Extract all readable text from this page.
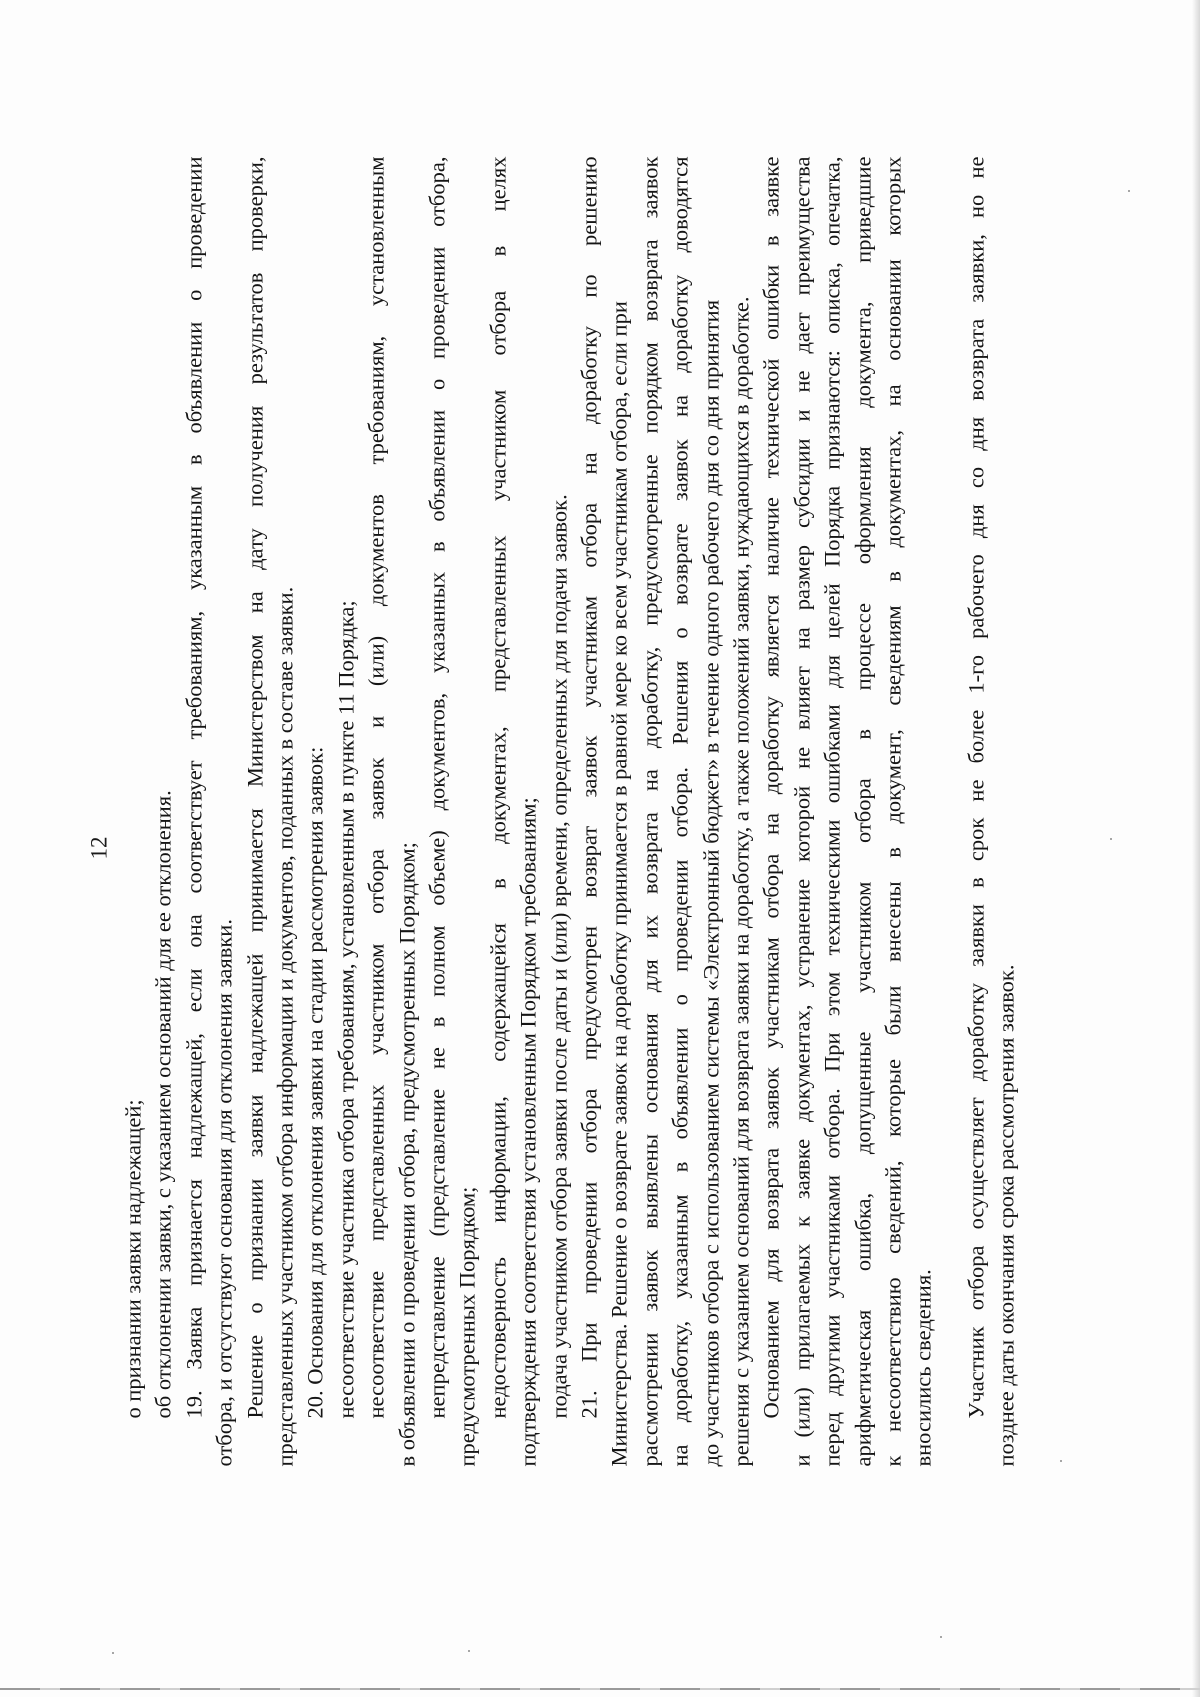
12
о признании заявки надлежащей; об отклонении заявки, с указанием оснований для ее отклонения. 19. Заявка признается надлежащей, если она соответствует требованиям, указанным в объявлении о проведении отбора, и отсутствуют основания для отклонения заявки. Решение о признании заявки надлежащей принимается Министерством на дату получения результатов проверки, представленных участником отбора информации и документов, поданных в составе заявки. 20. Основания для отклонения заявки на стадии рассмотрения заявок: несоответствие участника отбора требованиям, установленным в пункте 11 Порядка; несоответствие представленных участником отбора заявок и (или) документов требованиям, установленным в объявлении о проведении отбора, предусмотренных Порядком; непредставление (представление не в полном объеме) документов, указанных в объявлении о проведении отбора, предусмотренных Порядком; недостоверность информации, содержащейся в документах, представленных участником отбора в целях подтверждения соответствия установленным Порядком требованиям; подача участником отбора заявки после даты и (или) времени, определенных для подачи заявок. 21. При проведении отбора предусмотрен возврат заявок участникам отбора на доработку по решению Министерства. Решение о возврате заявок на доработку принимается в равной мере ко всем участникам отбора, если при рассмотрении заявок выявлены основания для их возврата на доработку, предусмотренные порядком возврата заявок на доработку, указанным в объявлении о проведении отбора. Решения о возврате заявок на доработку доводятся до участников отбора с использованием системы «Электронный бюджет» в течение одного рабочего дня со дня принятия решения с указанием оснований для возврата заявки на доработку, а также положений заявки, нуждающихся в доработке. Основанием для возврата заявок участникам отбора на доработку является наличие технической ошибки в заявке и (или) прилагаемых к заявке документах, устранение которой не влияет на размер субсидии и не дает преимущества перед другими участниками отбора. При этом техническими ошибками для целей Порядка признаются: описка, опечатка, арифметическая ошибка, допущенные участником отбора в процессе оформления документа, приведшие к несоответствию сведений, которые были внесены в документ, сведениям в документах, на основании которых вносились сведения. Участник отбора осуществляет доработку заявки в срок не более 1-го рабочего дня со дня возврата заявки, но не позднее даты окончания срока рассмотрения заявок.
